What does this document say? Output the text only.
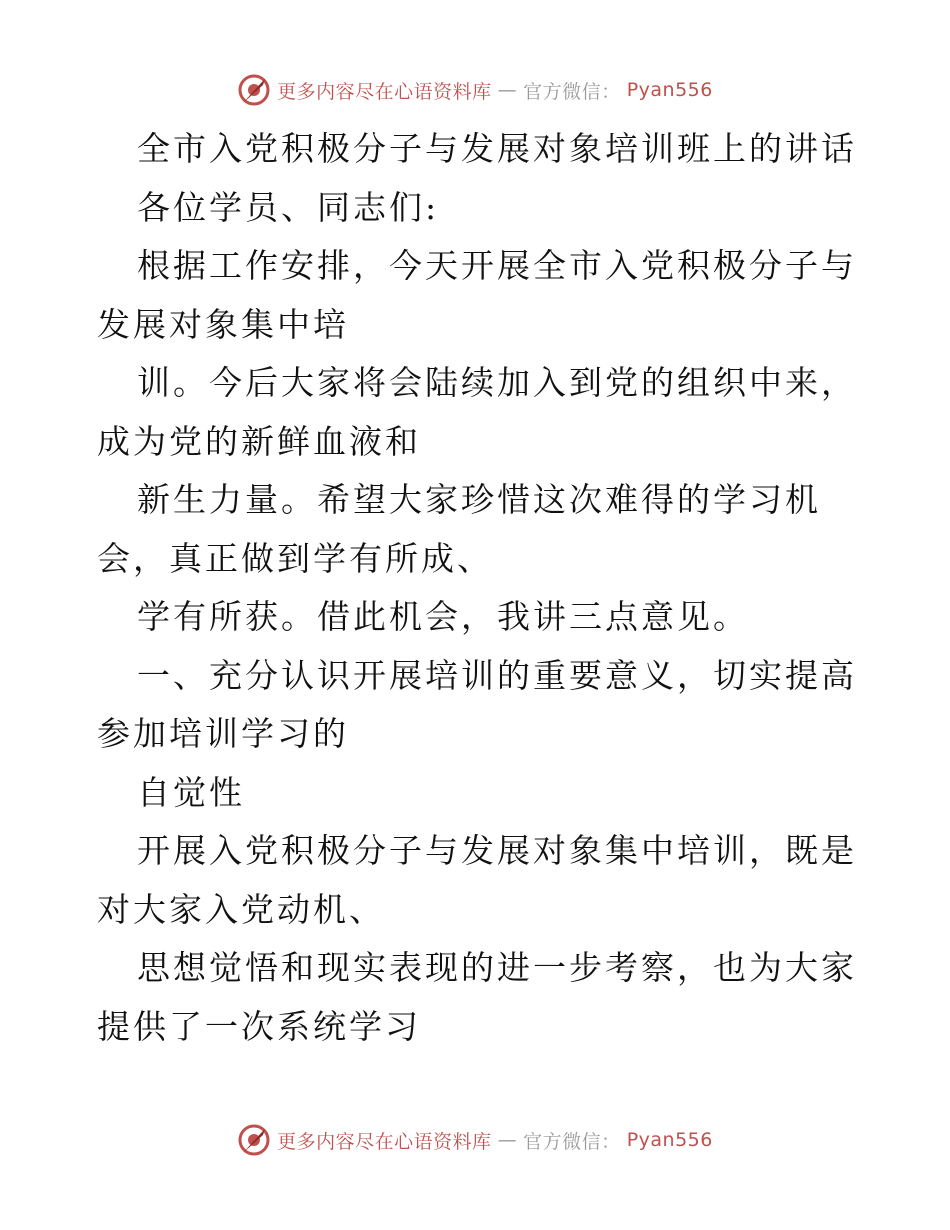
更多内容尽在心语资料库 — 官方微信： Pyan556

全市入党积极分子与发展对象培训班上的讲话

各位学员、同志们:

根据工作安排，今天开展全市入党积极分子与发展对象集中培

训。今后大家将会陆续加入到党的组织中来，成为党的新鲜血液和

新生力量。希望大家珍惜这次难得的学习机会，真正做到学有所成、

学有所获。借此机会，我讲三点意见。

一、充分认识开展培训的重要意义，切实提高参加培训学习的

自觉性

开展入党积极分子与发展对象集中培训，既是对大家入党动机、

思想觉悟和现实表现的进一步考察，也为大家提供了一次系统学习

更多内容尽在心语资料库 — 官方微信： Pyan556
